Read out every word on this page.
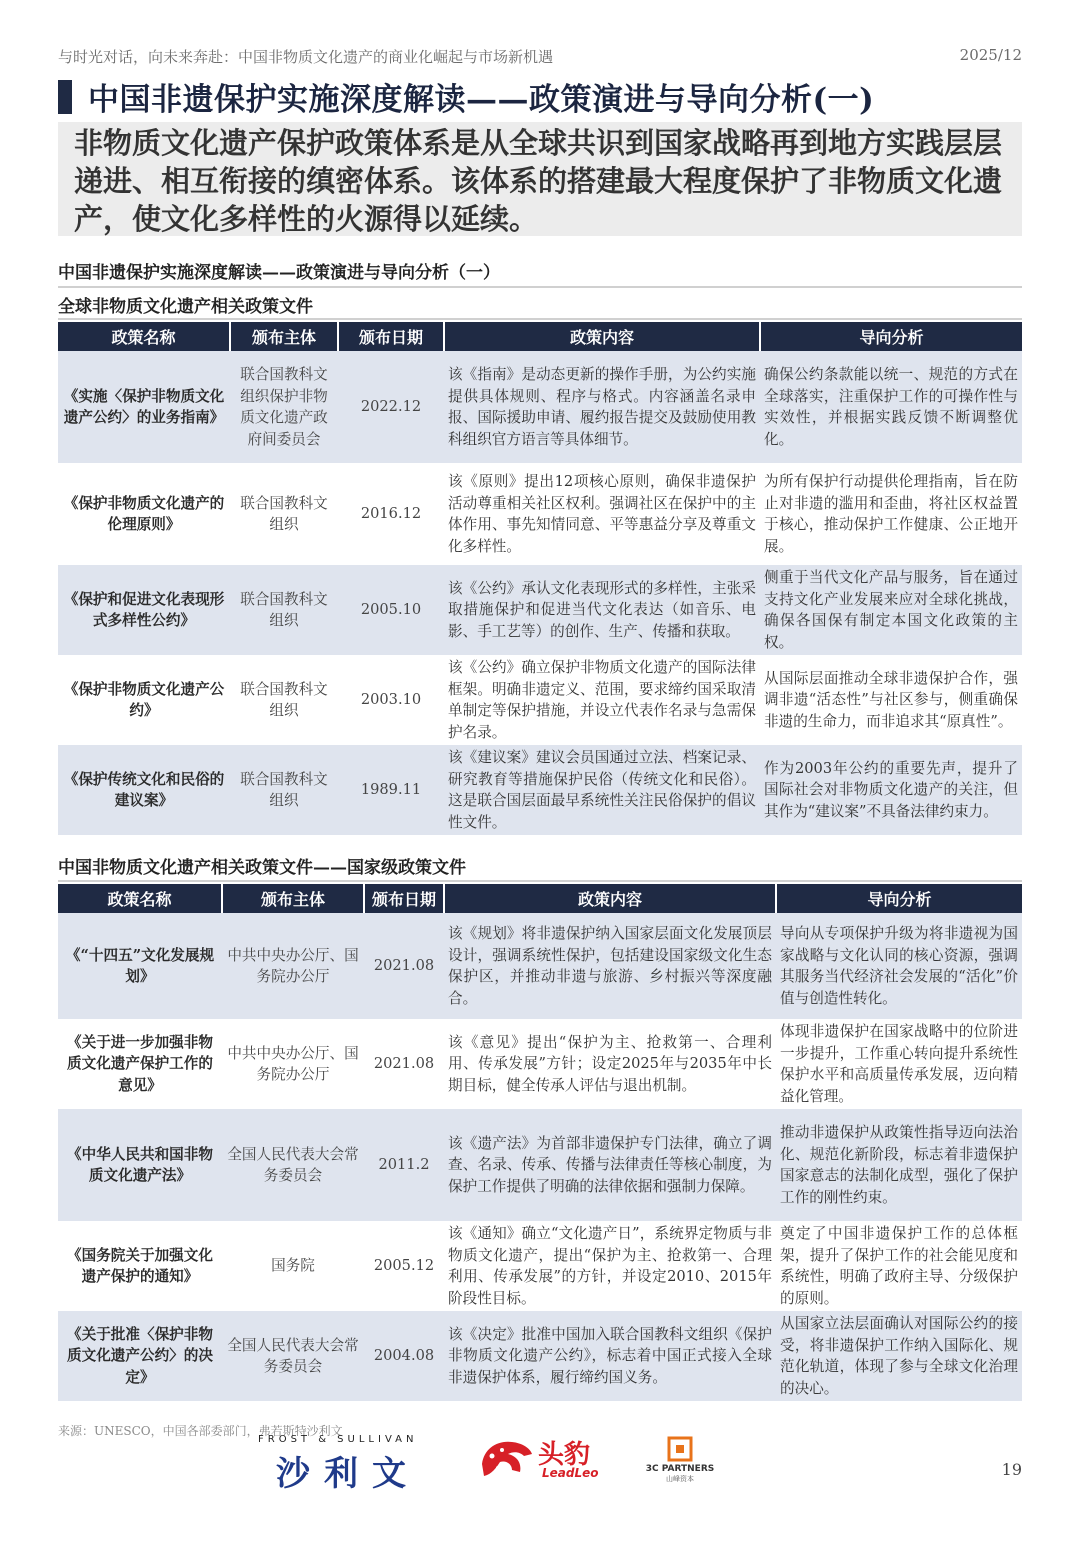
与时光对话，向未来奔赴：中国非物质文化遗产的商业化崛起与市场新机遇	2025/12
中国非遗保护实施深度解读——政策演进与导向分析(一)
非物质文化遗产保护政策体系是从全球共识到国家战略再到地方实践层层递进、相互衔接的缜密体系。该体系的搭建最大程度保护了非物质文化遗产，使文化多样性的火源得以延续。
中国非遗保护实施深度解读——政策演进与导向分析（一）
全球非物质文化遗产相关政策文件
政策名称	颁布主体	颁布日期	政策内容	导向分析
《实施〈保护非物质文化遗产公约〉的业务指南》	联合国教科文组织保护非物质文化遗产政府间委员会	2022.12	该《指南》是动态更新的操作手册，为公约实施提供具体规则、程序与格式。内容涵盖名录申报、国际援助申请、履约报告提交及鼓励使用教科组织官方语言等具体细节。	确保公约条款能以统一、规范的方式在全球落实，注重保护工作的可操作性与实效性，并根据实践反馈不断调整优化。
《保护非物质文化遗产的伦理原则》	联合国教科文组织	2016.12	该《原则》提出12项核心原则，确保非遗保护活动尊重相关社区权利。强调社区在保护中的主体作用、事先知情同意、平等惠益分享及尊重文化多样性。	为所有保护行动提供伦理指南，旨在防止对非遗的滥用和歪曲，将社区权益置于核心，推动保护工作健康、公正地开展。
《保护和促进文化表现形式多样性公约》	联合国教科文组织	2005.10	该《公约》承认文化表现形式的多样性，主张采取措施保护和促进当代文化表达（如音乐、电影、手工艺等）的创作、生产、传播和获取。	侧重于当代文化产品与服务，旨在通过支持文化产业发展来应对全球化挑战，确保各国保有制定本国文化政策的主权。
《保护非物质文化遗产公约》	联合国教科文组织	2003.10	该《公约》确立保护非物质文化遗产的国际法律框架。明确非遗定义、范围，要求缔约国采取清单制定等保护措施，并设立代表作名录与急需保护名录。	从国际层面推动全球非遗保护合作，强调非遗“活态性”与社区参与，侧重确保非遗的生命力，而非追求其“原真性”。
《保护传统文化和民俗的建议案》	联合国教科文组织	1989.11	该《建议案》建议会员国通过立法、档案记录、研究教育等措施保护民俗（传统文化和民俗）。这是联合国层面最早系统性关注民俗保护的倡议性文件。	作为2003年公约的重要先声，提升了国际社会对非物质文化遗产的关注，但其作为“建议案”不具备法律约束力。
中国非物质文化遗产相关政策文件——国家级政策文件
政策名称	颁布主体	颁布日期	政策内容	导向分析
《“十四五”文化发展规划》	中共中央办公厅、国务院办公厅	2021.08	该《规划》将非遗保护纳入国家层面文化发展顶层设计，强调系统性保护，包括建设国家级文化生态保护区，并推动非遗与旅游、乡村振兴等深度融合。	导向从专项保护升级为将非遗视为国家战略与文化认同的核心资源，强调其服务当代经济社会发展的“活化”价值与创造性转化。
《关于进一步加强非物质文化遗产保护工作的意见》	中共中央办公厅、国务院办公厅	2021.08	该《意见》提出“保护为主、抢救第一、合理利用、传承发展”方针；设定2025年与2035年中长期目标，健全传承人评估与退出机制。	体现非遗保护在国家战略中的位阶进一步提升，工作重心转向提升系统性保护水平和高质量传承发展，迈向精益化管理。
《中华人民共和国非物质文化遗产法》	全国人民代表大会常务委员会	2011.2	该《遗产法》为首部非遗保护专门法律，确立了调查、名录、传承、传播与法律责任等核心制度，为保护工作提供了明确的法律依据和强制力保障。	推动非遗保护从政策性指导迈向法治化、规范化新阶段，标志着非遗保护国家意志的法制化成型，强化了保护工作的刚性约束。
《国务院关于加强文化遗产保护的通知》	国务院	2005.12	该《通知》确立“文化遗产日”，系统界定物质与非物质文化遗产，提出“保护为主、抢救第一、合理利用、传承发展”的方针，并设定2010、2015年阶段性目标。	奠定了中国非遗保护工作的总体框架，提升了保护工作的社会能见度和系统性，明确了政府主导、分级保护的原则。
《关于批准〈保护非物质文化遗产公约〉的决定》	全国人民代表大会常务委员会	2004.08	该《决定》批准中国加入联合国教科文组织《保护非物质文化遗产公约》，标志着中国正式接入全球非遗保护体系，履行缔约国义务。	从国家立法层面确认对国际公约的接受，将非遗保护工作纳入国际化、规范化轨道，体现了参与全球文化治理的决心。
来源：UNESCO，中国各部委部门，弗若斯特沙利文
FROST & SULLIVAN
沙利文	头豹
LeadLeo	3C PARTNERS
山峰资本	19
